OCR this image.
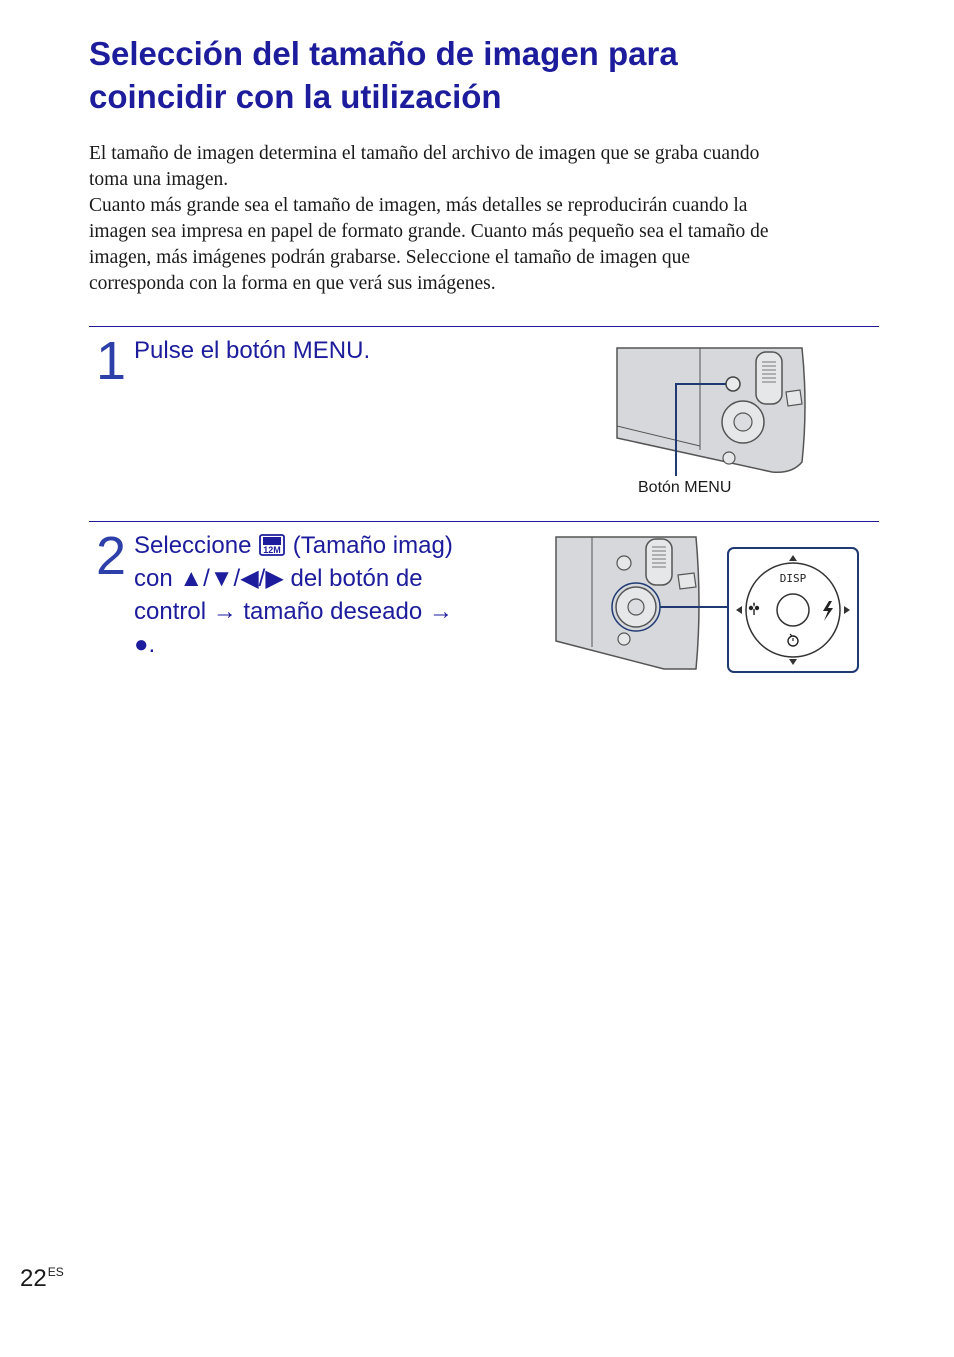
Selección del tamaño de imagen para
coincidir con la utilización
El tamaño de imagen determina el tamaño del archivo de imagen que se graba cuando
toma una imagen.
Cuanto más grande sea el tamaño de imagen, más detalles se reproducirán cuando la
imagen sea impresa en papel de formato grande. Cuanto más pequeño sea el tamaño de
imagen, más imágenes podrán grabarse. Seleccione el tamaño de imagen que
corresponda con la forma en que verá sus imágenes.
1 Pulse el botón MENU.
Botón MENU
2 Seleccione 12M (Tamaño imag)
con ▲/▼/◀/▶ del botón de
control → tamaño deseado →
●.
DISP
$22^{ES}$
